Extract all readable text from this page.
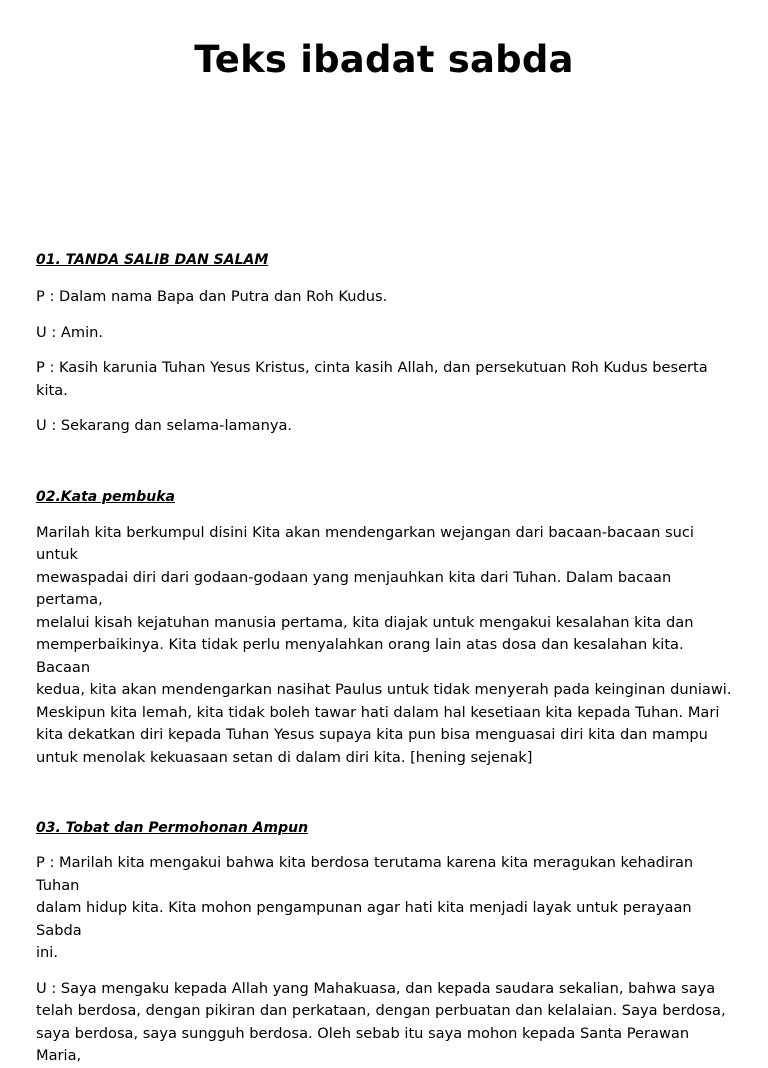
Teks ibadat sabda

01. TANDA SALIB DAN SALAM

P : Dalam nama Bapa dan Putra dan Roh Kudus.

U : Amin.

P : Kasih karunia Tuhan Yesus Kristus, cinta kasih Allah, dan persekutuan Roh Kudus beserta
kita.

U : Sekarang dan selama-lamanya.

02.Kata pembuka

Marilah kita berkumpul disini Kita akan mendengarkan wejangan dari bacaan-bacaan suci untuk
mewaspadai diri dari godaan-godaan yang menjauhkan kita dari Tuhan. Dalam bacaan pertama,
melalui kisah kejatuhan manusia pertama, kita diajak untuk mengakui kesalahan kita dan
memperbaikinya. Kita tidak perlu menyalahkan orang lain atas dosa dan kesalahan kita. Bacaan
kedua, kita akan mendengarkan nasihat Paulus untuk tidak menyerah pada keinginan duniawi.
Meskipun kita lemah, kita tidak boleh tawar hati dalam hal kesetiaan kita kepada Tuhan. Mari
kita dekatkan diri kepada Tuhan Yesus supaya kita pun bisa menguasai diri kita dan mampu
untuk menolak kekuasaan setan di dalam diri kita. [hening sejenak]

03. Tobat dan Permohonan Ampun

P : Marilah kita mengakui bahwa kita berdosa terutama karena kita meragukan kehadiran Tuhan
dalam hidup kita. Kita mohon pengampunan agar hati kita menjadi layak untuk perayaan Sabda
ini.

U : Saya mengaku kepada Allah yang Mahakuasa, dan kepada saudara sekalian, bahwa saya
telah berdosa, dengan pikiran dan perkataan, dengan perbuatan dan kelalaian. Saya berdosa,
saya berdosa, saya sungguh berdosa. Oleh sebab itu saya mohon kepada Santa Perawan Maria,
